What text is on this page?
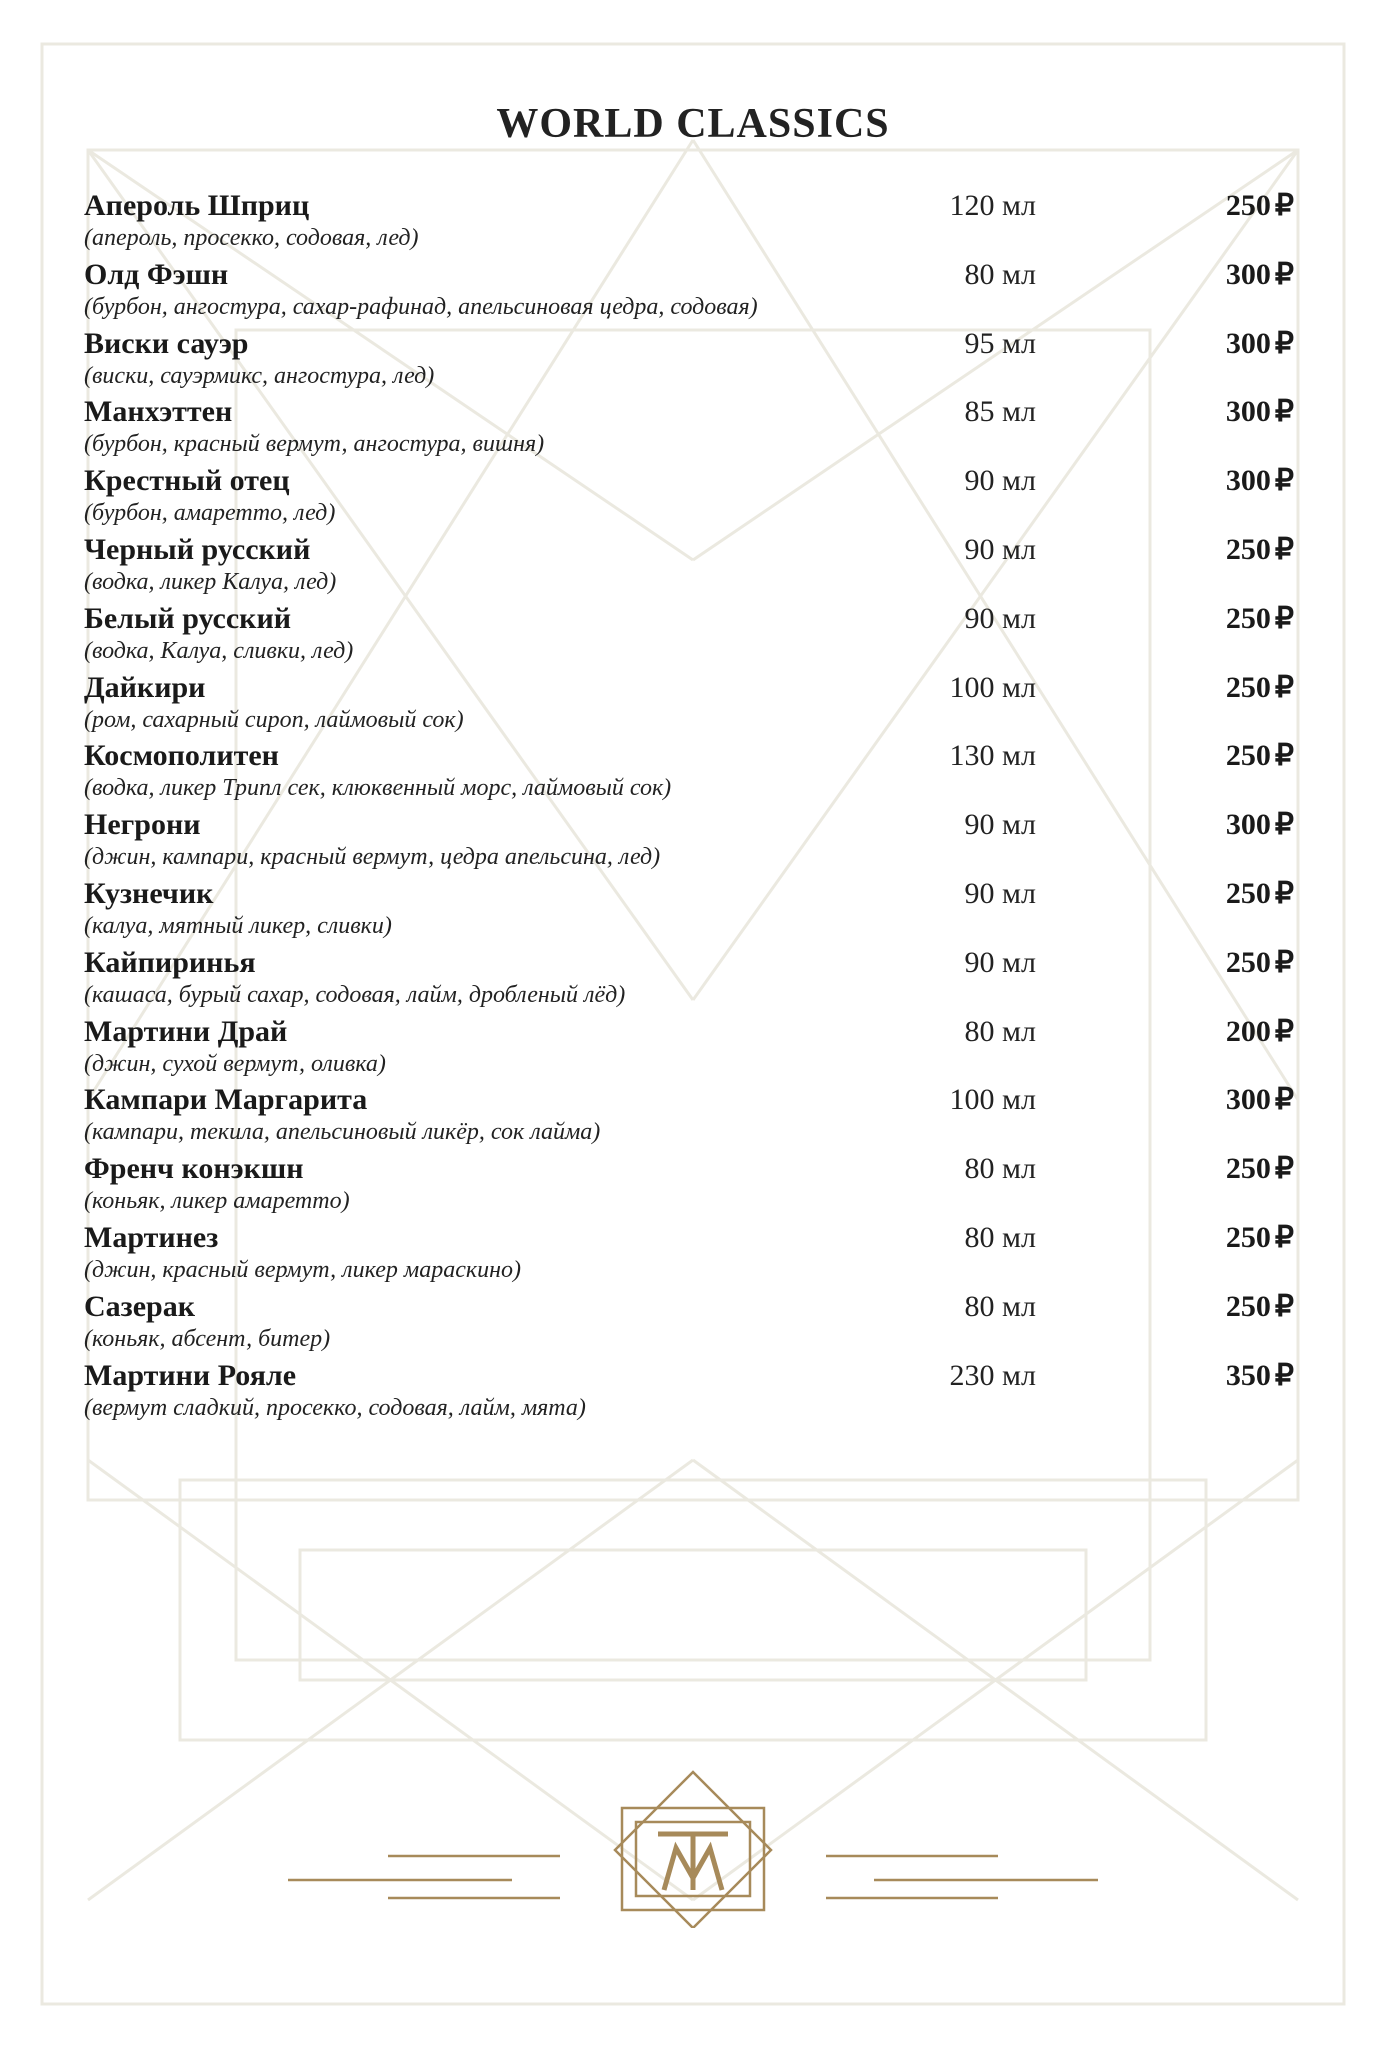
WORLD CLASSICS
Апероль Шприц
(апероль, просекко, содовая, лед)
120 мл	250 ₽
Олд Фэшн
(бурбон, ангостура, сахар-рафинад, апельсиновая цедра, содовая)
80 мл	300 ₽
Виски сауэр
(виски, сауэрмикс, ангостура, лед)
95 мл	300 ₽
Манхэттен
(бурбон, красный вермут, ангостура, вишня)
85 мл	300 ₽
Крестный отец
(бурбон, амаретто, лед)
90 мл	300 ₽
Черный русский
(водка, ликер Калуа, лед)
90 мл	250 ₽
Белый русский
(водка, Калуа, сливки, лед)
90 мл	250 ₽
Дайкири
(ром, сахарный сироп, лаймовый сок)
100 мл	250 ₽
Космополитен
(водка, ликер Трипл сек, клюквенный морс, лаймовый сок)
130 мл	250 ₽
Негрони
(джин, кампари, красный вермут, цедра апельсина, лед)
90 мл	300 ₽
Кузнечик
(калуа, мятный ликер, сливки)
90 мл	250 ₽
Кайпиринья
(кашаса, бурый сахар, содовая, лайм, дробленый лёд)
90 мл	250 ₽
Мартини Драй
(джин, сухой вермут, оливка)
80 мл	200 ₽
Кампари Маргарита
(кампари, текила, апельсиновый ликёр, сок лайма)
100 мл	300 ₽
Френч конэкшн
(коньяк, ликер амаретто)
80 мл	250 ₽
Мартинез
(джин, красный вермут, ликер мараскино)
80 мл	250 ₽
Сазерак
(коньяк, абсент, битер)
80 мл	250 ₽
Мартини Рояле
(вермут сладкий, просекко, содовая, лайм, мята)
230 мл	350 ₽
